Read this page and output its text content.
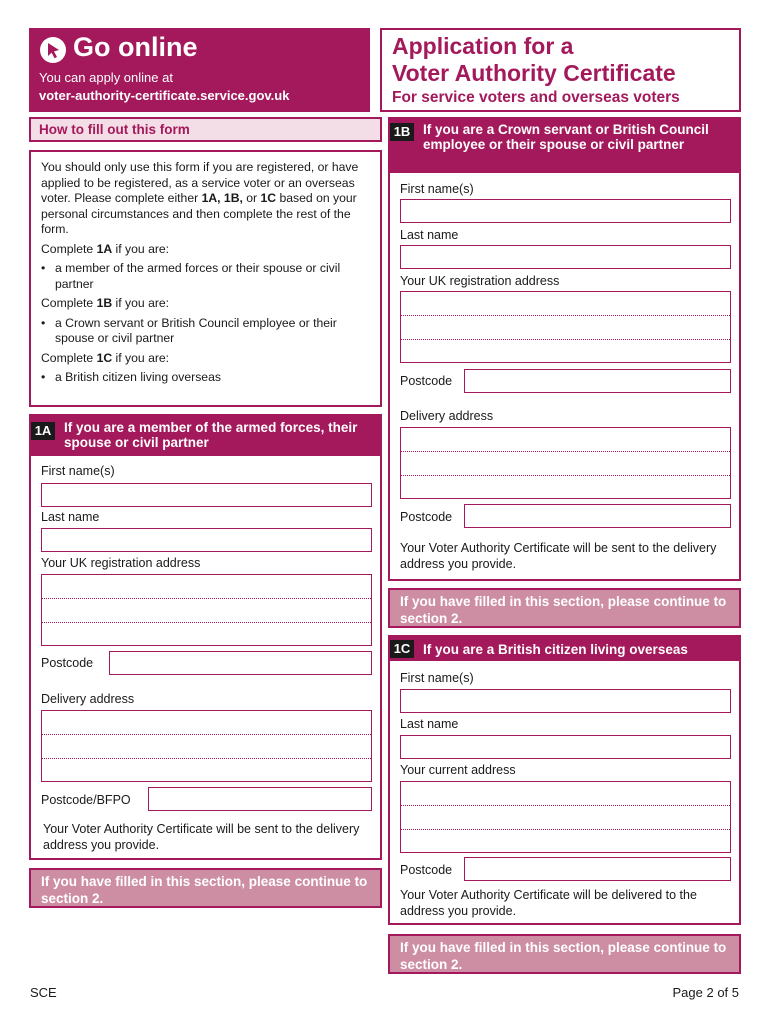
Go online
You can apply online at
voter-authority-certificate.service.gov.uk
Application for a
Voter Authority Certificate
For service voters and overseas voters
How to fill out this form
You should only use this form if you are registered, or have applied to be registered, as a service voter or an overseas voter. Please complete either 1A, 1B, or 1C based on your personal circumstances and then complete the rest of the form.
Complete 1A if you are:
• a member of the armed forces or their spouse or civil partner
Complete 1B if you are:
• a Crown servant or British Council employee or their spouse or civil partner
Complete 1C if you are:
• a British citizen living overseas
1A If you are a member of the armed forces, their spouse or civil partner
First name(s)
Last name
Your UK registration address
Postcode
Delivery address
Postcode/BFPO
Your Voter Authority Certificate will be sent to the delivery address you provide.
If you have filled in this section, please continue to section 2.
1B If you are a Crown servant or British Council employee or their spouse or civil partner
First name(s)
Last name
Your UK registration address
Postcode
Delivery address
Postcode
Your Voter Authority Certificate will be sent to the delivery address you provide.
If you have filled in this section, please continue to section 2.
1C If you are a British citizen living overseas
First name(s)
Last name
Your current address
Postcode
Your Voter Authority Certificate will be delivered to the address you provide.
If you have filled in this section, please continue to section 2.
SCE	Page 2 of 5
